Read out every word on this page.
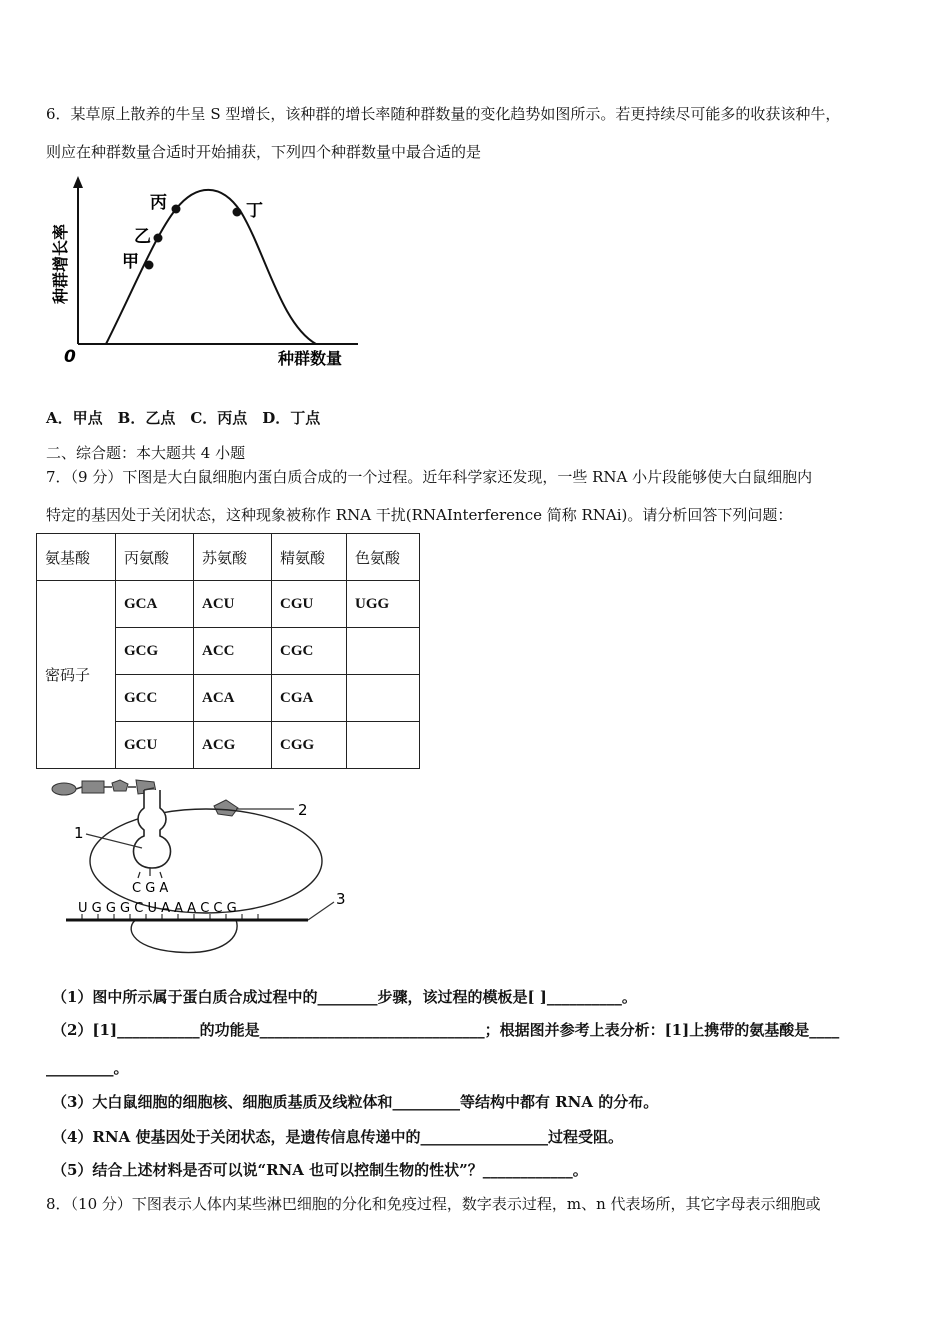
6．某草原上散养的牛呈 S 型增长，该种群的增长率随种群数量的变化趋势如图所示。若更持续尽可能多的收获该种牛，
则应在种群数量合适时开始捕获，下列四个种群数量中最合适的是
甲
乙
丙	丁
0	种群数量
种群增长率
A．甲点　B．乙点　C．丙点　D．丁点
二、综合题：本大题共 4 小题
7．（9 分）下图是大白鼠细胞内蛋白质合成的一个过程。近年科学家还发现，一些 RNA 小片段能够使大白鼠细胞内
特定的基因处于关闭状态，这种现象被称作 RNA 干扰(RNAInterference 简称 RNAi)。请分析回答下列问题：
氨基酸	丙氨酸	苏氨酸	精氨酸	色氨酸
密码子	GCA	ACU	CGU	UGG
	GCG	ACC	CGC	
	GCC	ACA	CGA	
	GCU	ACG	CGG	
2
C G A
1
U G G G C U A A A C C G
3
（1）图中所示属于蛋白质合成过程中的________步骤，该过程的模板是[ ]__________。
（2）[1]___________的功能是______________________________；根据图并参考上表分析：[1]上携带的氨基酸是____
_________。
（3）大白鼠细胞的细胞核、细胞质基质及线粒体和_________等结构中都有 RNA 的分布。
（4）RNA 使基因处于关闭状态，是遗传信息传递中的_________________过程受阻。
（5）结合上述材料是否可以说“RNA 也可以控制生物的性状”？____________。
8．（10 分）下图表示人体内某些淋巴细胞的分化和免疫过程，数字表示过程，m、n 代表场所，其它字母表示细胞或
